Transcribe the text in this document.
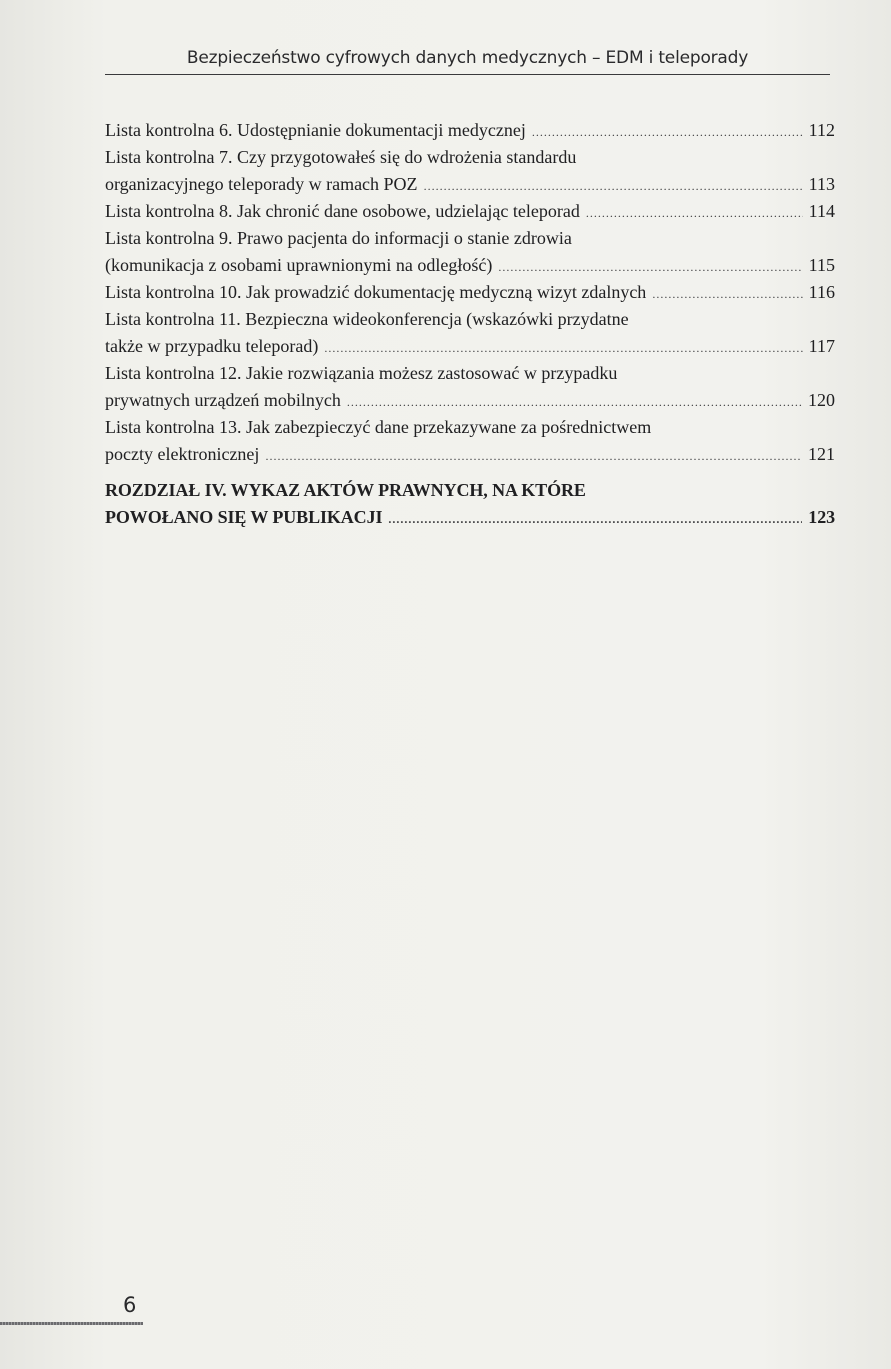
Bezpieczeństwo cyfrowych danych medycznych – EDM i teleporady
Lista kontrolna 6. Udostępnianie dokumentacji medycznej .....	112
Lista kontrolna 7. Czy przygotowałeś się do wdrożenia standardu
organizacyjnego teleporady w ramach POZ .....	113
Lista kontrolna 8. Jak chronić dane osobowe, udzielając teleporad .....	114
Lista kontrolna 9. Prawo pacjenta do informacji o stanie zdrowia
(komunikacja z osobami uprawnionymi na odległość) .....	115
Lista kontrolna 10. Jak prowadzić dokumentację medyczną wizyt zdalnych .....	116
Lista kontrolna 11. Bezpieczna wideokonferencja (wskazówki przydatne
także w przypadku teleporad) .....	117
Lista kontrolna 12. Jakie rozwiązania możesz zastosować w przypadku
prywatnych urządzeń mobilnych .....	120
Lista kontrolna 13. Jak zabezpieczyć dane przekazywane za pośrednictwem
poczty elektronicznej .....	121
ROZDZIAŁ IV. WYKAZ AKTÓW PRAWNYCH, NA KTÓRE
POWOŁANO SIĘ W PUBLIKACJI .....	123
6
